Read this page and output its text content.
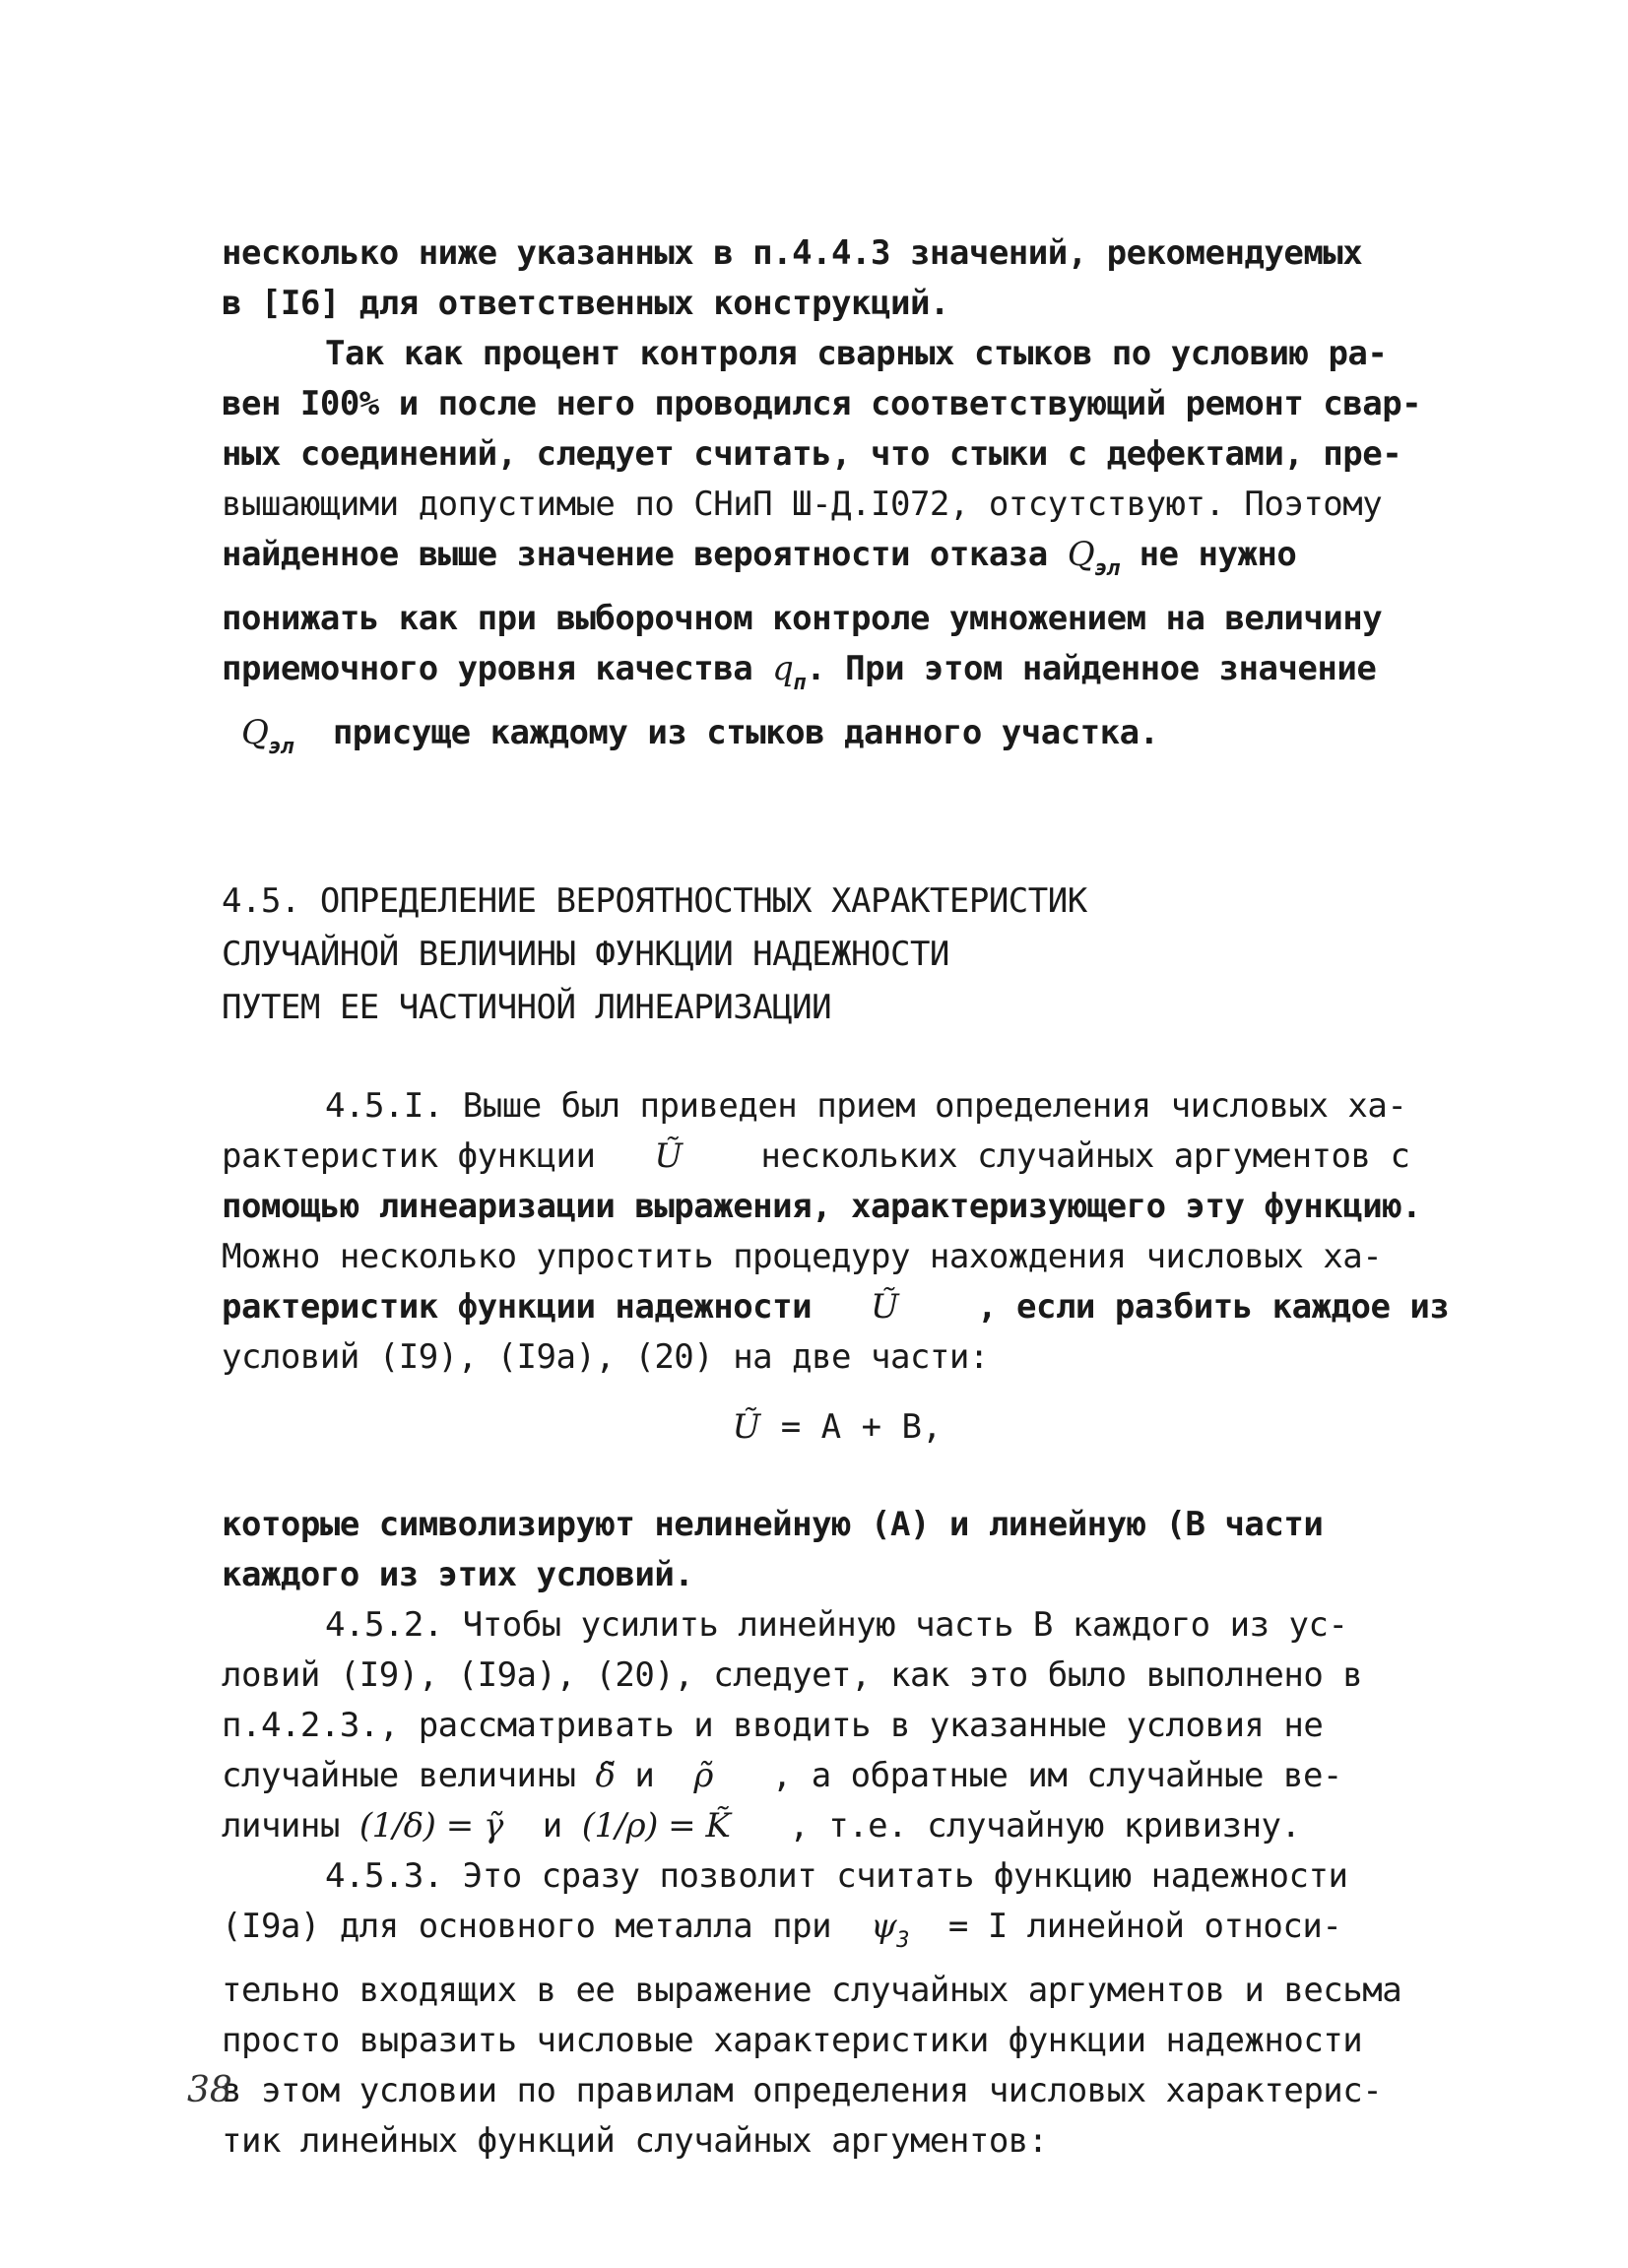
несколько ниже указанных в п.4.4.3 значений, рекомендуемых
в [I6] для ответственных конструкций.
Так как процент контроля сварных стыков по условию ра-
вен I00% и после него проводился соответствующий ремонт свар-
ных соединений, следует считать, что стыки с дефектами, пре-
вышающими допустимые по СНиП Ш-Д.I072, отсутствуют. Поэтому
найденное выше значение вероятности отказа $Q_{эл}$ не нужно
понижать как при выборочном контроле умножением на величину
приемочного уровня качества $q_п$. При этом найденное значение
$Q_{эл}$ присуще каждому из стыков данного участка.
4.5. ОПРЕДЕЛЕНИЕ ВЕРОЯТНОСТНЫХ ХАРАКТЕРИСТИК
СЛУЧАЙНОЙ ВЕЛИЧИНЫ ФУНКЦИИ НАДЕЖНОСТИ
ПУТЕМ ЕЕ ЧАСТИЧНОЙ ЛИНЕАРИЗАЦИИ
4.5.I. Выше был приведен прием определения числовых ха-
рактеристик функции Ũ нескольких случайных аргументов с
помощью линеаризации выражения, характеризующего эту функцию.
Можно несколько упростить процедуру нахождения числовых ха-
рактеристик функции надежности Ũ , если разбить каждое из
условий (I9), (I9а), (20) на две части:
Ũ = A + B,
которые символизируют нелинейную (A) и линейную (B части
каждого из этих условий.
4.5.2. Чтобы усилить линейную часть В каждого из ус-
ловий (I9), (I9а), (20), следует, как это было выполнено в
п.4.2.3., рассматривать и вводить в указанные условия не
случайные величины δ̃ и ρ̃ , а обратные им случайные ве-
личины (1/δ) = γ̃ и (1/ρ) = K̃ , т.е. случайную кривизну.
4.5.3. Это сразу позволит считать функцию надежности
(I9а) для основного металла при $\psi_3 = I$ линейной относи-
тельно входящих в ее выражение случайных аргументов и весьма
просто выразить числовые характеристики функции надежности
в этом условии по правилам определения числовых характерис-
тик линейных функций случайных аргументов:
38
